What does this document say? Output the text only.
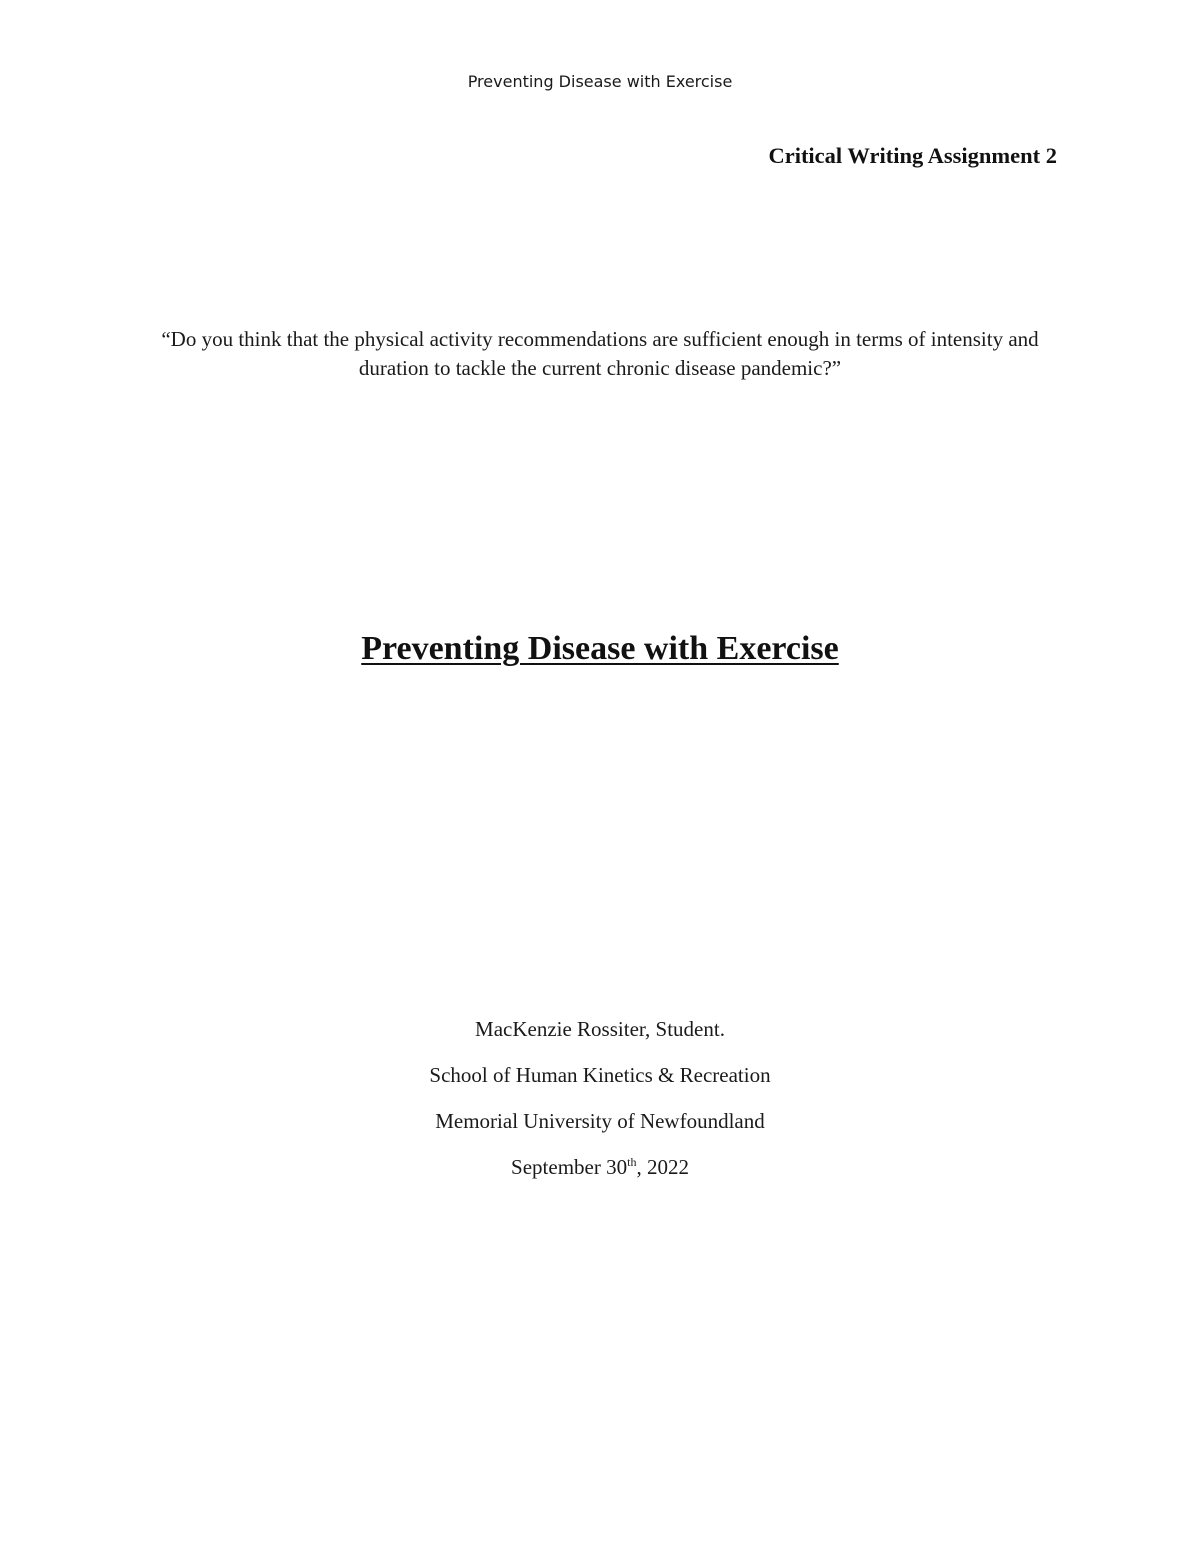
Preventing Disease with Exercise
Critical Writing Assignment 2
“Do you think that the physical activity recommendations are sufficient enough in terms of intensity and duration to tackle the current chronic disease pandemic?”
Preventing Disease with Exercise
MacKenzie Rossiter, Student.
School of Human Kinetics & Recreation
Memorial University of Newfoundland
September 30th, 2022
